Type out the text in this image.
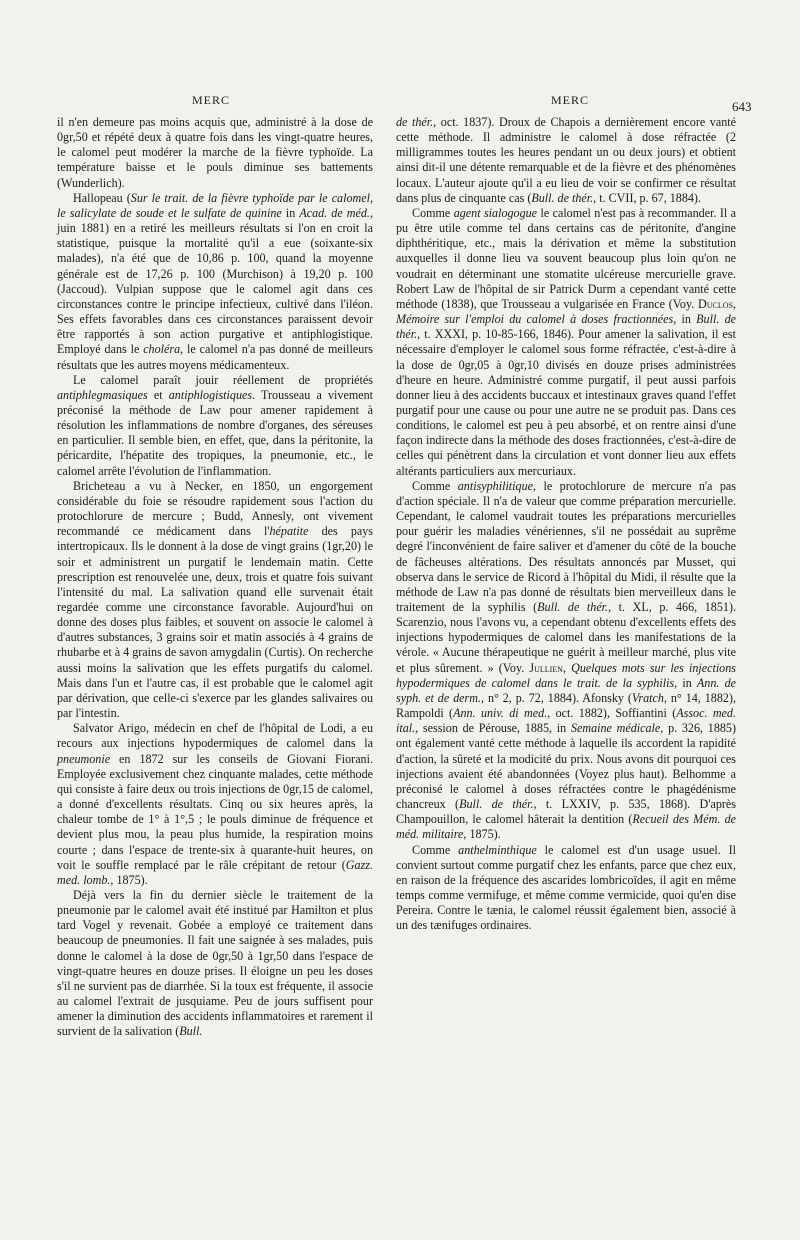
MERC	MERC	643

il n'en demeure pas moins acquis que, administré à la dose de 0gr,50 et répété deux à quatre fois dans les vingt-quatre heures, le calomel peut modérer la marche de la fièvre typhoïde. La température baisse et le pouls diminue ses battements (Wunderlich).

Hallopeau (Sur le trait. de la fièvre typhoïde par le calomel, le salicylate de soude et le sulfate de quinine in Acad. de méd., juin 1881) en a retiré les meilleurs résultats si l'on en croit la statistique, puisque la mortalité qu'il a eue (soixante-six malades), n'a été que de 10,86 p. 100, quand la moyenne générale est de 17,26 p. 100 (Murchison) à 19,20 p. 100 (Jaccoud). Vulpian suppose que le calomel agit dans ces circonstances contre le principe infectieux, cultivé dans l'iléon. Ses effets favorables dans ces circonstances paraissent devoir être rapportés à son action purgative et antiphlogistique. Employé dans le choléra, le calomel n'a pas donné de meilleurs résultats que les autres moyens médicamenteux.

Le calomel paraît jouir réellement de propriétés antiphlegmasiques et antiphlogistiques. Trousseau a vivement préconisé la méthode de Law pour amener rapidement à résolution les inflammations de nombre d'organes, des séreuses en particulier. Il semble bien, en effet, que, dans la péritonite, la péricardite, l'hépatite des tropiques, la pneumonie, etc., le calomel arrête l'évolution de l'inflammation.

Bricheteau a vu à Necker, en 1850, un engorgement considérable du foie se résoudre rapidement sous l'action du protochlorure de mercure ; Budd, Annesly, ont vivement recommandé ce médicament dans l'hépatite des pays intertropicaux. Ils le donnent à la dose de vingt grains (1gr,20) le soir et administrent un purgatif le lendemain matin. Cette prescription est renouvelée une, deux, trois et quatre fois suivant l'intensité du mal. La salivation quand elle survenait était regardée comme une circonstance favorable. Aujourd'hui on donne des doses plus faibles, et souvent on associe le calomel à d'autres substances, 3 grains soir et matin associés à 4 grains de rhubarbe et à 4 grains de savon amygdalin (Curtis). On recherche aussi moins la salivation que les effets purgatifs du calomel. Mais dans l'un et l'autre cas, il est probable que le calomel agit par dérivation, que celle-ci s'exerce par les glandes salivaires ou par l'intestin.

Salvator Arigo, médecin en chef de l'hôpital de Lodi, a eu recours aux injections hypodermiques de calomel dans la pneumonie en 1872 sur les conseils de Giovani Fiorani. Employée exclusivement chez cinquante malades, cette méthode qui consiste à faire deux ou trois injections de 0gr,15 de calomel, a donné d'excellents résultats. Cinq ou six heures après, la chaleur tombe de 1° à 1°,5 ; le pouls diminue de fréquence et devient plus mou, la peau plus humide, la respiration moins courte ; dans l'espace de trente-six à quarante-huit heures, on voit le souffle remplacé par le râle crépitant de retour (Gazz. med. lomb., 1875).

Déjà vers la fin du dernier siècle le traitement de la pneumonie par le calomel avait été institué par Hamilton et plus tard Vogel y revenait. Gobée a employé ce traitement dans beaucoup de pneumonies. Il fait une saignée à ses malades, puis donne le calomel à la dose de 0gr,50 à 1gr,50 dans l'espace de vingt-quatre heures en douze prises. Il éloigne un peu les doses s'il ne survient pas de diarrhée. Si la toux est fréquente, il associe au calomel l'extrait de jusquiame. Peu de jours suffisent pour amener la diminution des accidents inflammatoires et rarement il survient de la salivation (Bull.

de thér., oct. 1837). Droux de Chapois a dernièrement encore vanté cette méthode. Il administre le calomel à dose réfractée (2 milligrammes toutes les heures pendant un ou deux jours) et obtient ainsi dit-il une détente remarquable et de la fièvre et des phénomènes locaux. L'auteur ajoute qu'il a eu lieu de voir se confirmer ce résultat dans plus de cinquante cas (Bull. de thér., t. CVII, p. 67, 1884).

Comme agent sialogogue le calomel n'est pas à recommander. Il a pu être utile comme tel dans certains cas de péritonite, d'angine diphthéritique, etc., mais la dérivation et même la substitution auxquelles il donne lieu va souvent beaucoup plus loin qu'on ne voudrait en déterminant une stomatite ulcéreuse mercurielle grave. Robert Law de l'hôpital de sir Patrick Durm a cependant vanté cette méthode (1838), que Trousseau a vulgarisée en France (Voy. Duclos, Mémoire sur l'emploi du calomel à doses fractionnées, in Bull. de thér., t. XXXI, p. 10-85-166, 1846). Pour amener la salivation, il est nécessaire d'employer le calomel sous forme réfractée, c'est-à-dire à la dose de 0gr,05 à 0gr,10 divisés en douze prises administrées d'heure en heure. Administré comme purgatif, il peut aussi parfois donner lieu à des accidents buccaux et intestinaux graves quand l'effet purgatif pour une cause ou pour une autre ne se produit pas. Dans ces conditions, le calomel est peu à peu absorbé, et on rentre ainsi d'une façon indirecte dans la méthode des doses fractionnées, c'est-à-dire de celles qui pénètrent dans la circulation et vont donner lieu aux effets altérants particuliers aux mercuriaux.

Comme antisyphilitique, le protochlorure de mercure n'a pas d'action spéciale. Il n'a de valeur que comme préparation mercurielle. Cependant, le calomel vaudrait toutes les préparations mercurielles pour guérir les maladies vénériennes, s'il ne possédait au suprême degré l'inconvénient de faire saliver et d'amener du côté de la bouche de fâcheuses altérations. Des résultats annoncés par Musset, qui observa dans le service de Ricord à l'hôpital du Midi, il résulte que la méthode de Law n'a pas donné de résultats bien merveilleux dans le traitement de la syphilis (Bull. de thér., t. XL, p. 466, 1851). Scarenzio, nous l'avons vu, a cependant obtenu d'excellents effets des injections hypodermiques de calomel dans les manifestations de la vérole. « Aucune thérapeutique ne guérit à meilleur marché, plus vite et plus sûrement. » (Voy. Jullien, Quelques mots sur les injections hypodermiques de calomel dans le trait. de la syphilis, in Ann. de syph. et de derm., n° 2, p. 72, 1884). Afonsky (Vratch, n° 14, 1882), Rampoldi (Ann. univ. di med., oct. 1882), Soffiantini (Assoc. med. ital., session de Pérouse, 1885, in Semaine médicale, p. 326, 1885) ont également vanté cette méthode à laquelle ils accordent la rapidité d'action, la sûreté et la modicité du prix. Nous avons dit pourquoi ces injections avaient été abandonnées (Voyez plus haut). Belhomme a préconisé le calomel à doses réfractées contre le phagédénisme chancreux (Bull. de thér., t. LXXIV, p. 535, 1868). D'après Champouillon, le calomel hâterait la dentition (Recueil des Mém. de méd. militaire, 1875).

Comme anthelminthique le calomel est d'un usage usuel. Il convient surtout comme purgatif chez les enfants, parce que chez eux, en raison de la fréquence des ascarides lombricoïdes, il agit en même temps comme vermifuge, et même comme vermicide, quoi qu'en dise Pereira. Contre le tænia, le calomel réussit également bien, associé à un des tænifuges ordinaires.
